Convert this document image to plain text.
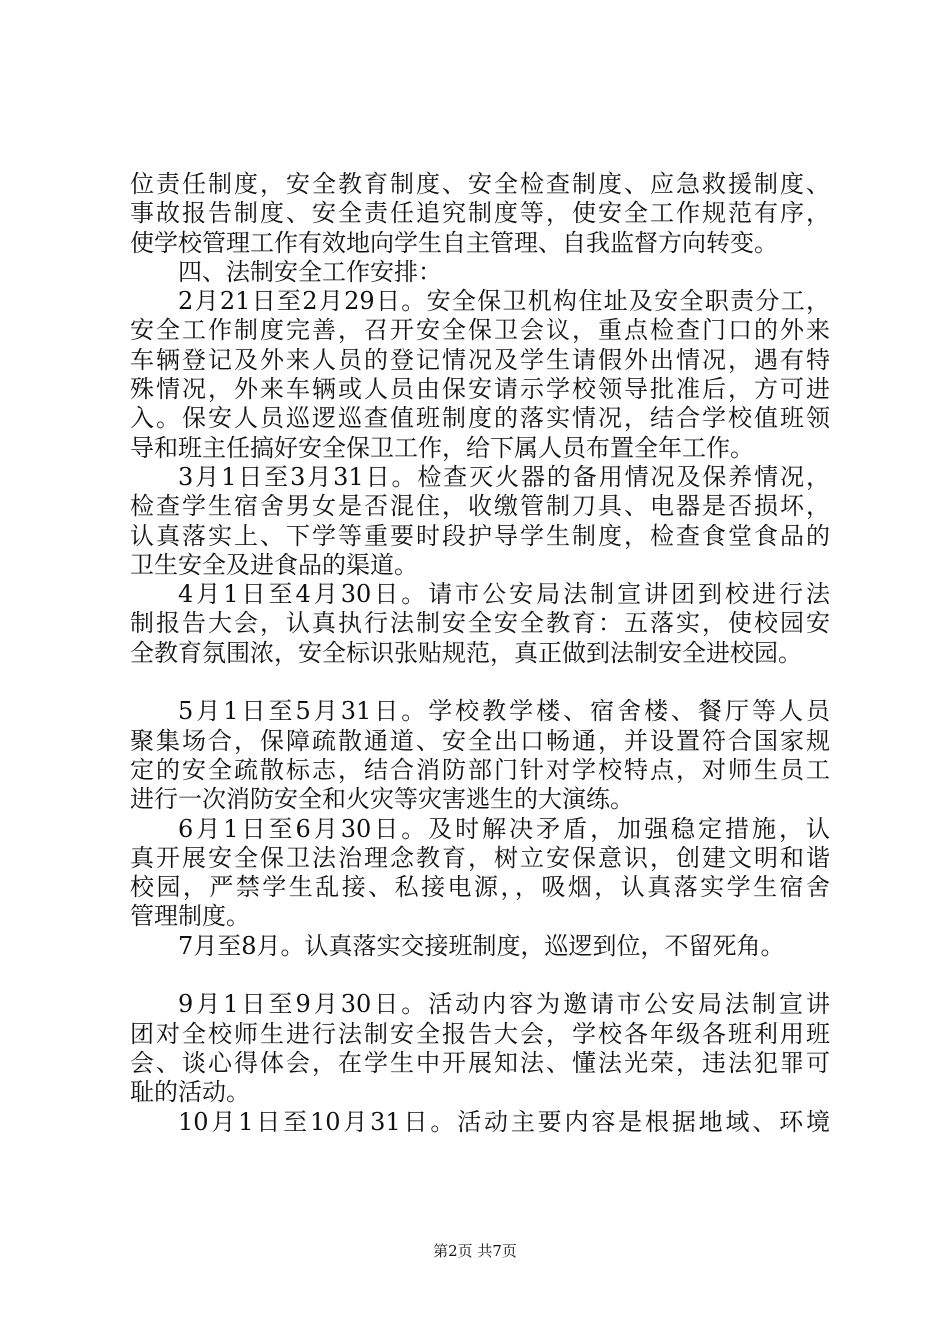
位责任制度，安全教育制度、安全检查制度、应急救援制度、
事故报告制度、安全责任追究制度等，使安全工作规范有序，
使学校管理工作有效地向学生自主管理、自我监督方向转变。
四、法制安全工作安排：
2月21日至2月29日。安全保卫机构住址及安全职责分工，
安全工作制度完善，召开安全保卫会议，重点检查门口的外来
车辆登记及外来人员的登记情况及学生请假外出情况，遇有特
殊情况，外来车辆或人员由保安请示学校领导批准后，方可进
入。保安人员巡逻巡查值班制度的落实情况，结合学校值班领
导和班主任搞好安全保卫工作，给下属人员布置全年工作。
3月1日至3月31日。检查灭火器的备用情况及保养情况，
检查学生宿舍男女是否混住，收缴管制刀具、电器是否损坏，
认真落实上、下学等重要时段护导学生制度，检查食堂食品的
卫生安全及进食品的渠道。
4月1日至4月30日。请市公安局法制宣讲团到校进行法
制报告大会，认真执行法制安全安全教育：五落实，使校园安
全教育氛围浓，安全标识张贴规范，真正做到法制安全进校园。
5月1日至5月31日。学校教学楼、宿舍楼、餐厅等人员
聚集场合，保障疏散通道、安全出口畅通，并设置符合国家规
定的安全疏散标志，结合消防部门针对学校特点，对师生员工
进行一次消防安全和火灾等灾害逃生的大演练。
6月1日至6月30日。及时解决矛盾，加强稳定措施，认
真开展安全保卫法治理念教育，树立安保意识，创建文明和谐
校园，严禁学生乱接、私接电源，，吸烟，认真落实学生宿舍
管理制度。
7月至8月。认真落实交接班制度，巡逻到位，不留死角。
9月1日至9月30日。活动内容为邀请市公安局法制宣讲
团对全校师生进行法制安全报告大会，学校各年级各班利用班
会、谈心得体会，在学生中开展知法、懂法光荣，违法犯罪可
耻的活动。
10月1日至10月31日。活动主要内容是根据地域、环境
第2页 共7页
